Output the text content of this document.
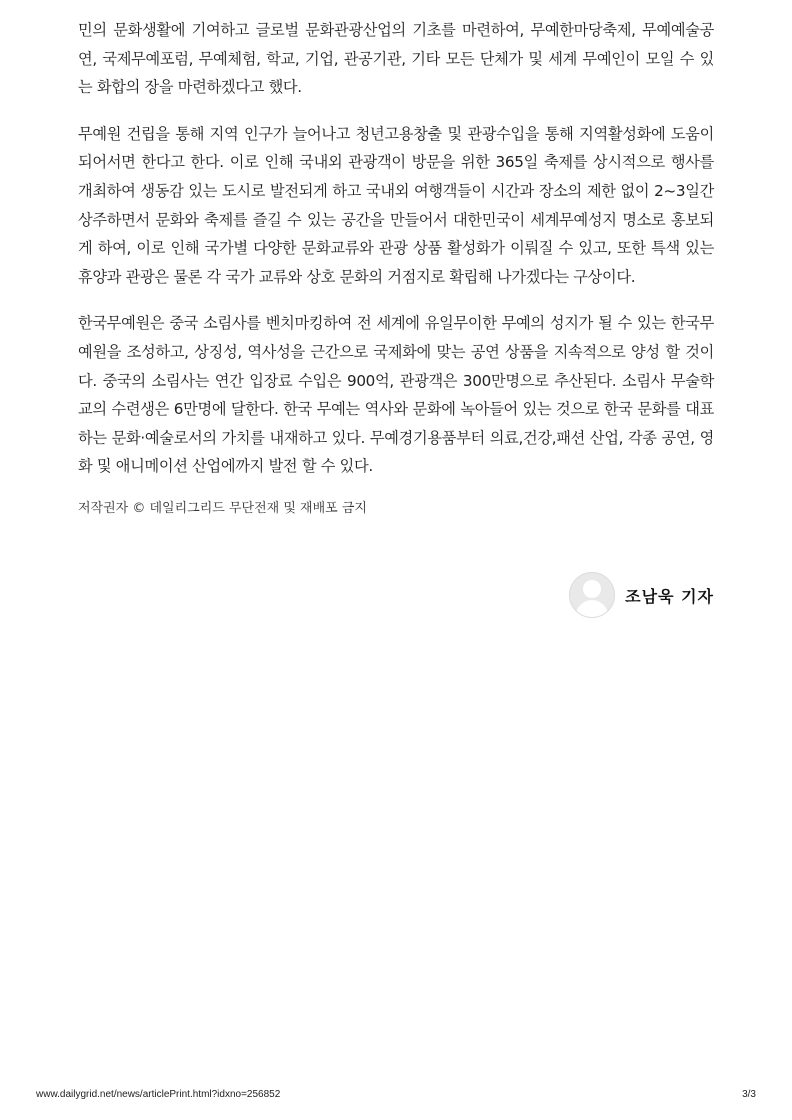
민의 문화생활에 기여하고 글로벌 문화관광산업의 기초를 마련하여, 무예한마당축제, 무예예술공연, 국제무예포럼, 무예체험, 학교, 기업, 관공기관, 기타 모든 단체가 및 세계 무예인이 모일 수 있는 화합의 장을 마련하겠다고 했다.

무예원 건립을 통해 지역 인구가 늘어나고 청년고용창출 및 관광수입을 통해 지역활성화에 도움이 되어서면 한다고 한다. 이로 인해 국내외 관광객이 방문을 위한 365일 축제를 상시적으로 행사를 개최하여 생동감 있는 도시로 발전되게 하고 국내외 여행객들이 시간과 장소의 제한 없이 2~3일간 상주하면서 문화와 축제를 즐길 수 있는 공간을 만들어서 대한민국이 세계무예성지 명소로 홍보되게 하여, 이로 인해 국가별 다양한 문화교류와 관광 상품 활성화가 이뤄질 수 있고, 또한 특색 있는 휴양과 관광은 물론 각 국가 교류와 상호 문화의 거점지로 확립해 나가겠다는 구상이다.

한국무예원은 중국 소림사를 벤치마킹하여 전 세계에 유일무이한 무예의 성지가 될 수 있는 한국무예원을 조성하고, 상징성, 역사성을 근간으로 국제화에 맞는 공연 상품을 지속적으로 양성 할 것이다. 중국의 소림사는 연간 입장료 수입은 900억, 관광객은 300만명으로 추산된다. 소림사 무술학교의 수련생은 6만명에 달한다. 한국 무예는 역사와 문화에 녹아들어 있는 것으로 한국 문화를 대표하는 문화·예술로서의 가치를 내재하고 있다. 무예경기용품부터 의료,건강,패션 산업, 각종 공연, 영화 및 애니메이션 산업에까지 발전 할 수 있다.

저작권자 © 데일리그리드 무단전재 및 재배포 금지
조남욱 기자
www.dailygrid.net/news/articlePrint.html?idxno=256852	3/3
